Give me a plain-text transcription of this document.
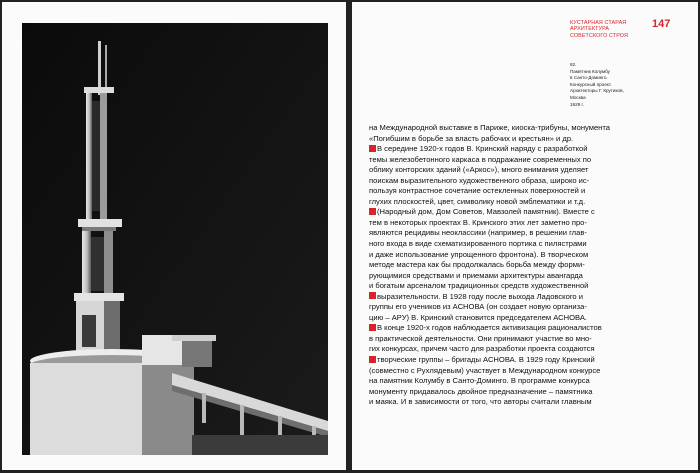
КУСТАРНАЯ СТАРАЯ
АРХИТЕКТУРА
СОВЕТСКОГО СТРОЯ
147
82.
Памятник Колумбу
в Санто-Доминго.
Конкурсный проект.
Архитекторы Г. Крутиков,
Москва
1929 г.
на Международной выставке в Париже, киоска-трибуны, монумента
«Погибшим в борьбе за власть рабочих и крестьян» и др.
В середине 1920-х годов В. Кринский наряду с разработкой
темы железобетонного каркаса в подражание современных по
облику конторских зданий («Аркос»), много внимания уделяет
поискам выразительного художественного образа, широко ис-
пользуя контрастное сочетание остекленных поверхностей и
глухих плоскостей, цвет, символику новой эмблематики и т.д.
(Народный дом, Дом Советов, Мавзолей памятник). Вместе с
тем в некоторых проектах В. Кринского этих лет заметно про-
являются рецидивы неоклассики (например, в решении глав-
ного входа в виде схематизированного портика с пилястрами
и даже использование упрощенного фронтона). В творческом
методе мастера как бы продолжалась борьба между форми-
рующимися средствами и приемами архитектуры авангарда
и богатым арсеналом традиционных средств художественной
выразительности. В 1928 году после выхода Ладовского и
группы его учеников из АСНОВА (он создает новую организа-
цию – АРУ) В. Кринский становится председателем АСНОВА.
В конце 1920-х годов наблюдается активизация рационалистов
в практической деятельности. Они принимают участие во мно-
гих конкурсах, причем часто для разработки проекта создаются
творческие группы – бригады АСНОВА. В 1929 году Кринский
(совместно с Рухлядевым) участвует в Международном конкурсе
на памятник Колумбу в Санто-Доминго. В программе конкурса
монументу придавалось двойное предназначение – памятника
и маяка. И в зависимости от того, что авторы считали главным
